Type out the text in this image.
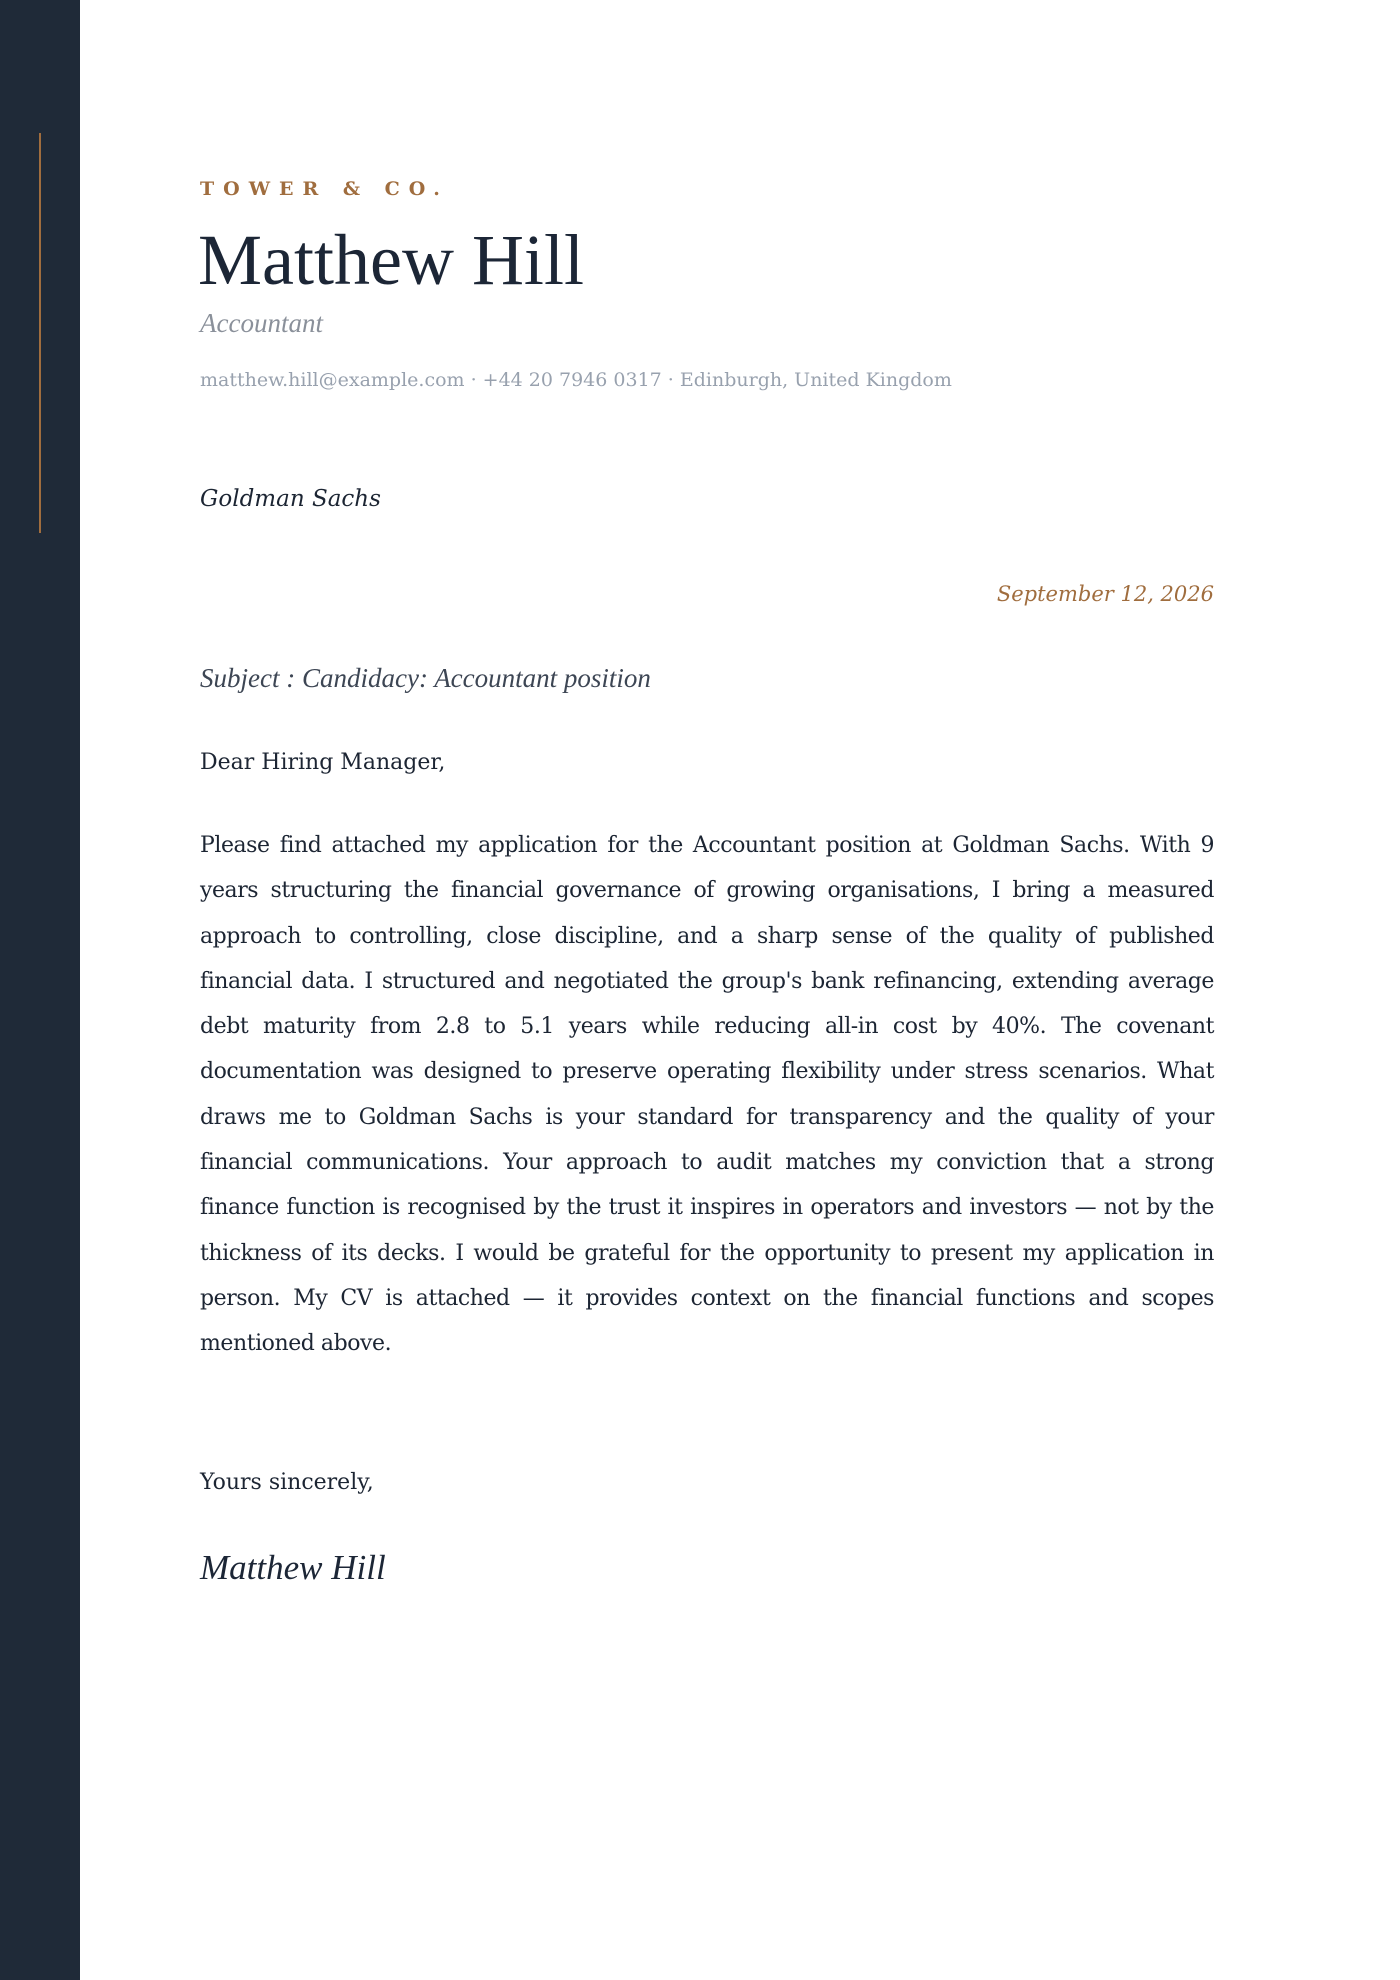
TOWER & CO.
Matthew Hill
Accountant
matthew.hill@example.com · +44 20 7946 0317 · Edinburgh, United Kingdom
Goldman Sachs
September 12, 2026
Subject : Candidacy: Accountant position
Dear Hiring Manager,
Please find attached my application for the Accountant position at Goldman Sachs. With 9 years structuring the financial governance of growing organisations, I bring a measured approach to controlling, close discipline, and a sharp sense of the quality of published financial data. I structured and negotiated the group's bank refinancing, extending average debt maturity from 2.8 to 5.1 years while reducing all-in cost by 40%. The covenant documentation was designed to preserve operating flexibility under stress scenarios. What draws me to Goldman Sachs is your standard for transparency and the quality of your financial communications. Your approach to audit matches my conviction that a strong finance function is recognised by the trust it inspires in operators and investors — not by the thickness of its decks. I would be grateful for the opportunity to present my application in person. My CV is attached — it provides context on the financial functions and scopes mentioned above.
Yours sincerely,
Matthew Hill
